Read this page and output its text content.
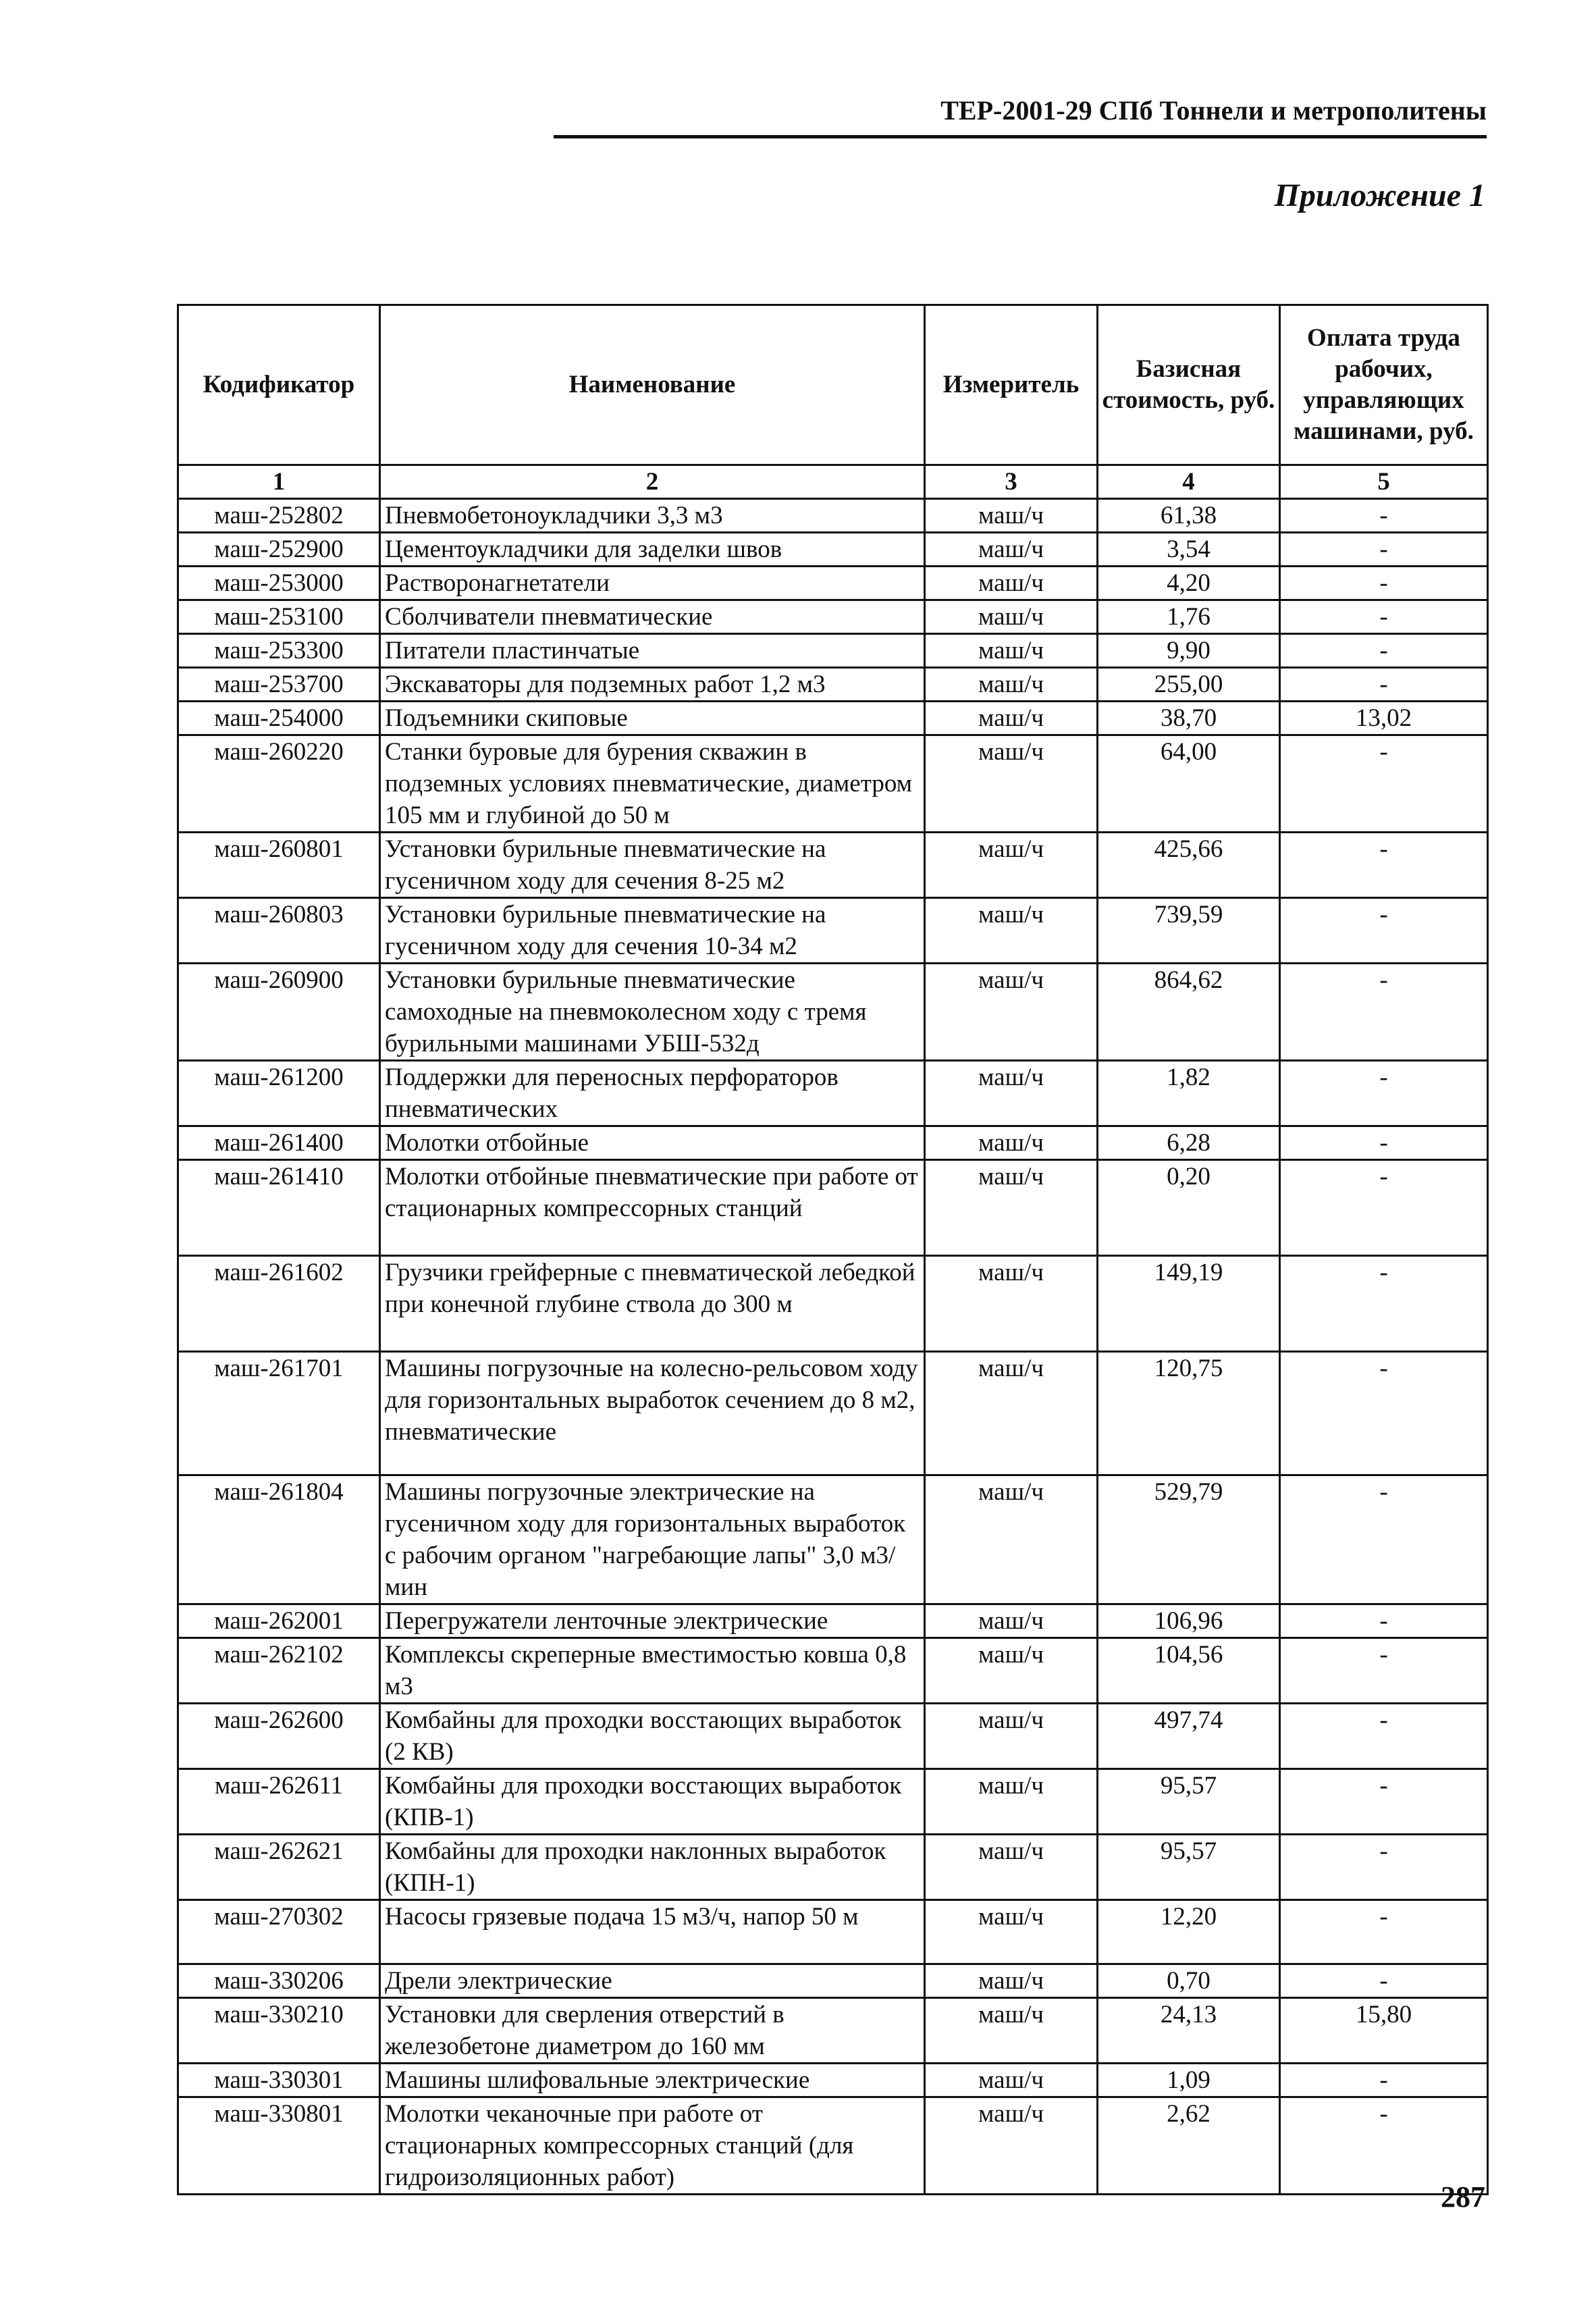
ТЕР-2001-29 СПб Тоннели и метрополитены
Приложение 1
Кодификатор	Наименование	Измеритель	Базисная стоимость, руб.	Оплата труда рабочих, управляющих машинами, руб.
1	2	3	4	5
маш-252802	Пневмобетоноукладчики 3,3 м3	маш/ч	61,38	-
маш-252900	Цементоукладчики для заделки швов	маш/ч	3,54	-
маш-253000	Растворонагнетатели	маш/ч	4,20	-
маш-253100	Сболчиватели пневматические	маш/ч	1,76	-
маш-253300	Питатели пластинчатые	маш/ч	9,90	-
маш-253700	Экскаваторы для подземных работ 1,2 м3	маш/ч	255,00	-
маш-254000	Подъемники скиповые	маш/ч	38,70	13,02
маш-260220	Станки буровые для бурения скважин в подземных условиях пневматические, диаметром 105 мм и глубиной до 50 м	маш/ч	64,00	-
маш-260801	Установки бурильные пневматические на гусеничном ходу для сечения 8-25 м2	маш/ч	425,66	-
маш-260803	Установки бурильные пневматические на гусеничном ходу для сечения 10-34 м2	маш/ч	739,59	-
маш-260900	Установки бурильные пневматические самоходные на пневмоколесном ходу с тремя бурильными машинами УБШ-532д	маш/ч	864,62	-
маш-261200	Поддержки для переносных перфораторов пневматических	маш/ч	1,82	-
маш-261400	Молотки отбойные	маш/ч	6,28	-
маш-261410	Молотки отбойные пневматические при работе от стационарных компрессорных станций	маш/ч	0,20	-
маш-261602	Грузчики грейферные с пневматической лебедкой при конечной глубине ствола до 300 м	маш/ч	149,19	-
маш-261701	Машины погрузочные на колесно-рельсовом ходу для горизонтальных выработок сечением до 8 м2, пневматические	маш/ч	120,75	-
маш-261804	Машины погрузочные электрические на гусеничном ходу для горизонтальных выработок с рабочим органом "нагребающие лапы" 3,0 м3/мин	маш/ч	529,79	-
маш-262001	Перегружатели ленточные электрические	маш/ч	106,96	-
маш-262102	Комплексы скреперные вместимостью ковша 0,8 м3	маш/ч	104,56	-
маш-262600	Комбайны для проходки восстающих выработок (2 КВ)	маш/ч	497,74	-
маш-262611	Комбайны для проходки восстающих выработок (КПВ-1)	маш/ч	95,57	-
маш-262621	Комбайны для проходки наклонных выработок (КПН-1)	маш/ч	95,57	-
маш-270302	Насосы грязевые подача 15 м3/ч, напор 50 м	маш/ч	12,20	-
маш-330206	Дрели электрические	маш/ч	0,70	-
маш-330210	Установки для сверления отверстий в железобетоне диаметром до 160 мм	маш/ч	24,13	15,80
маш-330301	Машины шлифовальные электрические	маш/ч	1,09	-
маш-330801	Молотки чеканочные при работе от стационарных компрессорных станций (для гидроизоляционных работ)	маш/ч	2,62	-
287
